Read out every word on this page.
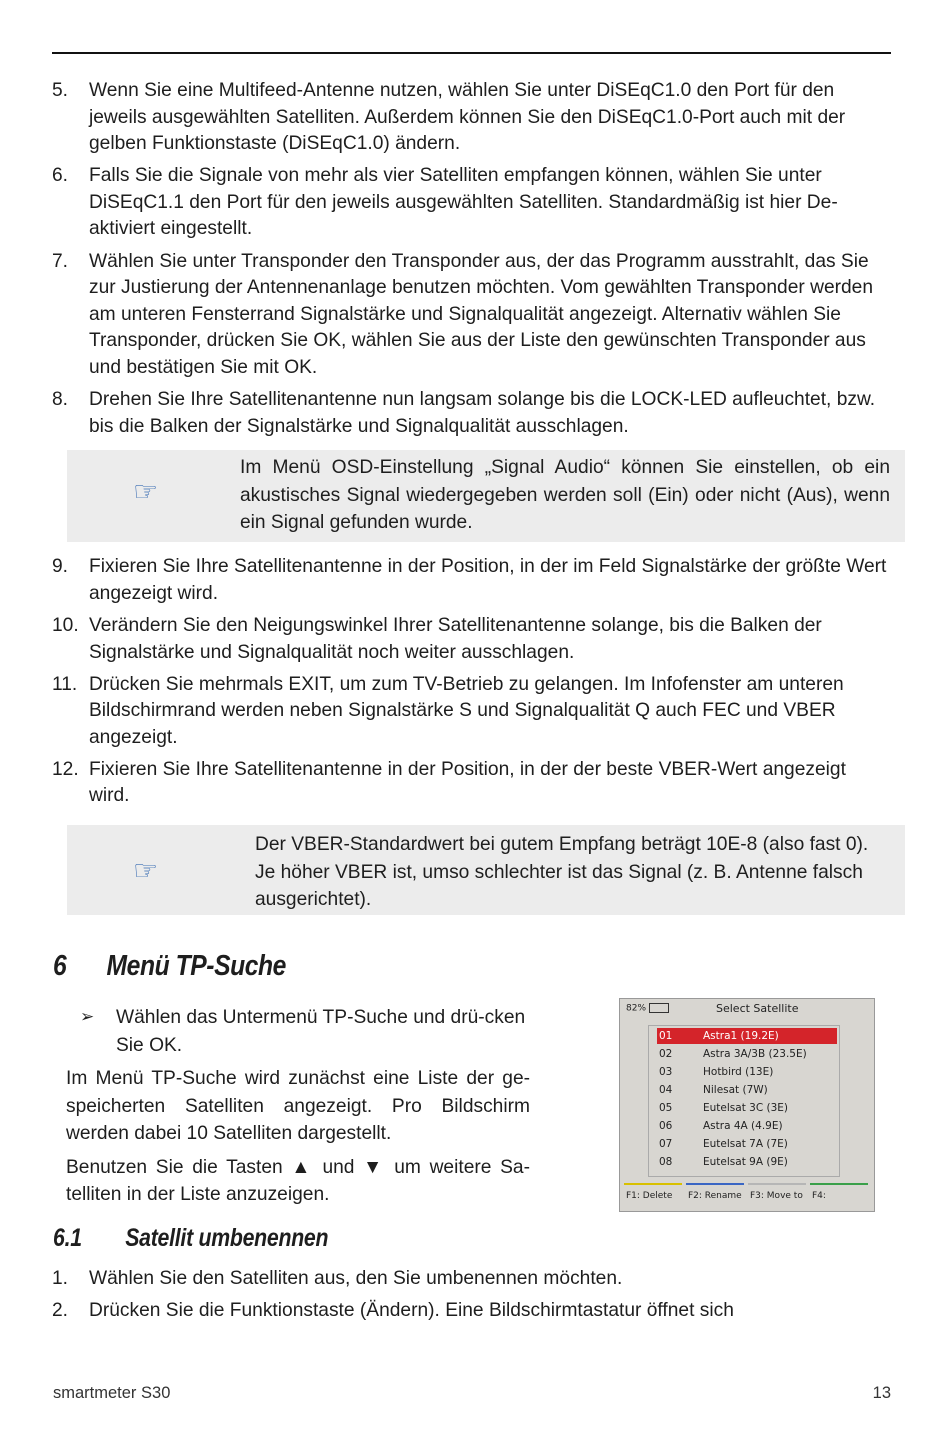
5. Wenn Sie eine Multifeed-Antenne nutzen, wählen Sie unter DiSEqC1.0 den Port für den jeweils ausgewählten Satelliten. Außerdem können Sie den DiSEqC1.0-Port auch mit der gelben Funktionstaste (DiSEqC1.0) ändern.
6. Falls Sie die Signale von mehr als vier Satelliten empfangen können, wählen Sie unter DiSEqC1.1 den Port für den jeweils ausgewählten Satelliten. Standardmäßig ist hier De-aktiviert eingestellt.
7. Wählen Sie unter Transponder den Transponder aus, der das Programm ausstrahlt, das Sie zur Justierung der Antennenanlage benutzen möchten. Vom gewählten Transponder werden am unteren Fensterrand Signalstärke und Signalqualität angezeigt. Alternativ wählen Sie Transponder, drücken Sie OK, wählen Sie aus der Liste den gewünschten Transponder aus und bestätigen Sie mit OK.
8. Drehen Sie Ihre Satellitenantenne nun langsam solange bis die LOCK-LED aufleuchtet, bzw. bis die Balken der Signalstärke und Signalqualität ausschlagen.
☞
Im Menü OSD-Einstellung „Signal Audio“ können Sie einstellen, ob ein akustisches Signal wiedergegeben werden soll (Ein) oder nicht (Aus), wenn ein Signal gefunden wurde.
9. Fixieren Sie Ihre Satellitenantenne in der Position, in der im Feld Signalstärke der größte Wert angezeigt wird.
10. Verändern Sie den Neigungswinkel Ihrer Satellitenantenne solange, bis die Balken der Signalstärke und Signalqualität noch weiter ausschlagen.
11. Drücken Sie mehrmals EXIT, um zum TV-Betrieb zu gelangen. Im Infofenster am unteren Bildschirmrand werden neben Signalstärke S und Signalqualität Q auch FEC und VBER angezeigt.
12. Fixieren Sie Ihre Satellitenantenne in der Position, in der der beste VBER-Wert angezeigt wird.
☞
Der VBER-Standardwert bei gutem Empfang beträgt 10E-8 (also fast 0). Je höher VBER ist, umso schlechter ist das Signal (z. B. Antenne falsch ausgerichtet).
6 Menü TP-Suche
➢ Wählen das Untermenü TP-Suche und drü-cken Sie OK.

Im Menü TP-Suche wird zunächst eine Liste der ge-speicherten Satelliten angezeigt. Pro Bildschirm werden dabei 10 Satelliten dargestellt.

Benutzen Sie die Tasten ▲ und ▼ um weitere Sa-telliten in der Liste anzuzeigen.

82%	Select Satellite
01	Astra1 (19.2E)
02	Astra 3A/3B (23.5E)
03	Hotbird (13E)
04	Nilesat (7W)
05	Eutelsat 3C (3E)
06	Astra 4A (4.9E)
07	Eutelsat 7A (7E)
08	Eutelsat 9A (9E)
F1: Delete F2: Rename F3: Move to F4:
6.1 Satellit umbenennen
1. Wählen Sie den Satelliten aus, den Sie umbenennen möchten.
2. Drücken Sie die Funktionstaste (Ändern). Eine Bildschirmtastatur öffnet sich
smartmeter S30	13
